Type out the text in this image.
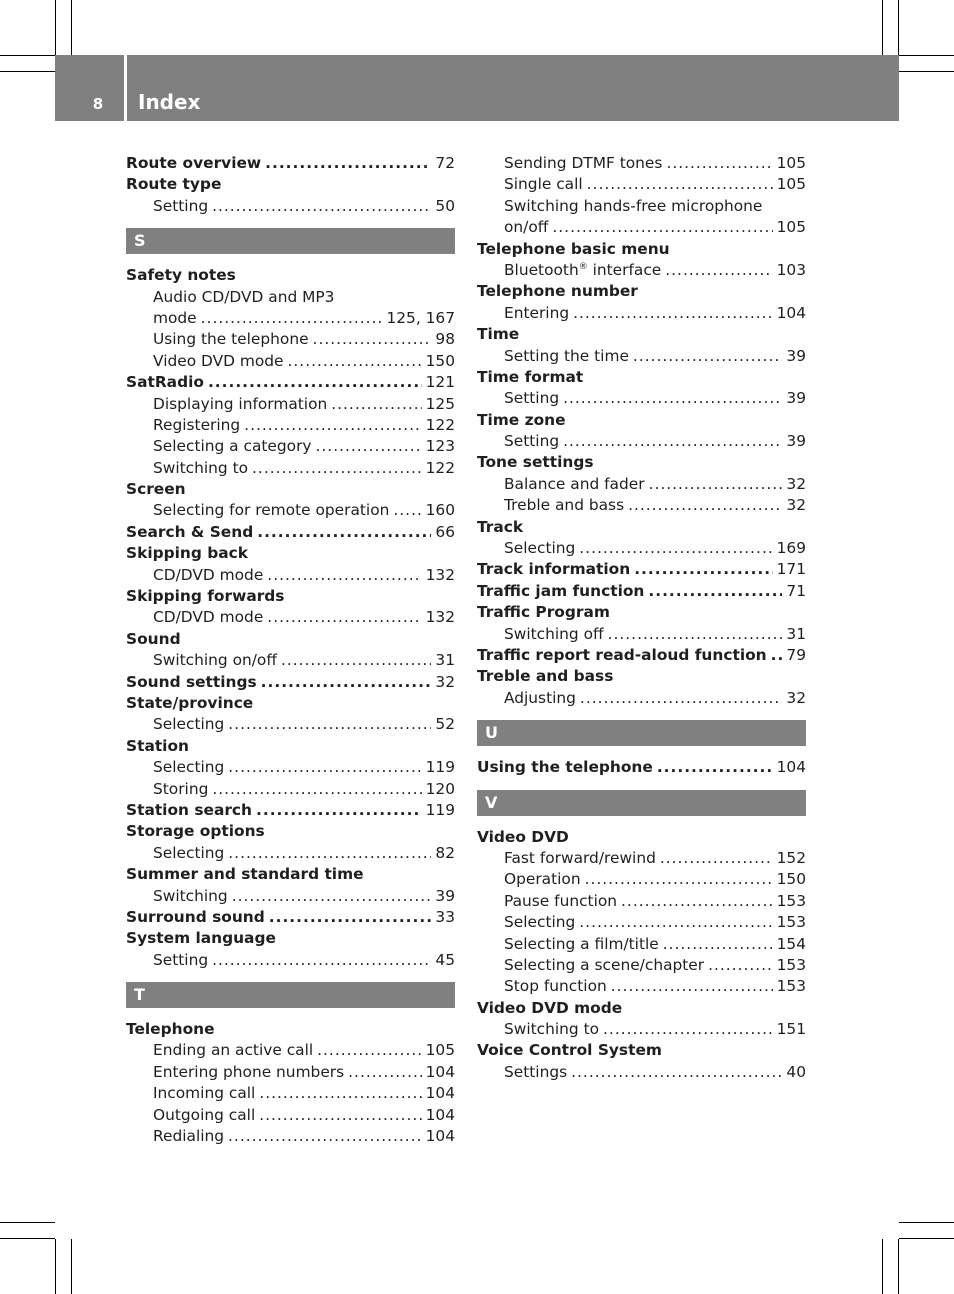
8	Index
Route overview .....	72
Route type
Setting .....	50
S
Safety notes
Audio CD/DVD and MP3
mode .....	125, 167
Using the telephone .....	98
Video DVD mode .....	150
SatRadio .....	121
Displaying information .....	125
Registering .....	122
Selecting a category .....	123
Switching to .....	122
Screen
Selecting for remote operation ..... 160
Search & Send .....	66
Skipping back
CD/DVD mode .....	132
Skipping forwards
CD/DVD mode .....	132
Sound
Switching on/off .....	31
Sound settings .....	32
State/province
Selecting .....	52
Station
Selecting .....	119
Storing .....	120
Station search .....	119
Storage options
Selecting .....	82
Summer and standard time
Switching .....	39
Surround sound .....	33
System language
Setting .....	45
T
Telephone
Ending an active call .....	105
Entering phone numbers .....	104
Incoming call .....	104
Outgoing call .....	104
Redialing .....	104
Sending DTMF tones .....	105
Single call .....	105
Switching hands-free microphone
on/off .....	105
Telephone basic menu
Bluetooth® interface .....	103
Telephone number
Entering .....	104
Time
Setting the time .....	39
Time format
Setting .....	39
Time zone
Setting .....	39
Tone settings
Balance and fader .....	32
Treble and bass .....	32
Track
Selecting .....	169
Track information .....	171
Traffic jam function .....	71
Traffic Program
Switching off .....	31
Traffic report read-aloud function ..... 79
Treble and bass
Adjusting .....	32
U
Using the telephone .....	104
V
Video DVD
Fast forward/rewind .....	152
Operation .....	150
Pause function .....	153
Selecting .....	153
Selecting a film/title .....	154
Selecting a scene/chapter .....	153
Stop function .....	153
Video DVD mode
Switching to .....	151
Voice Control System
Settings .....	40
